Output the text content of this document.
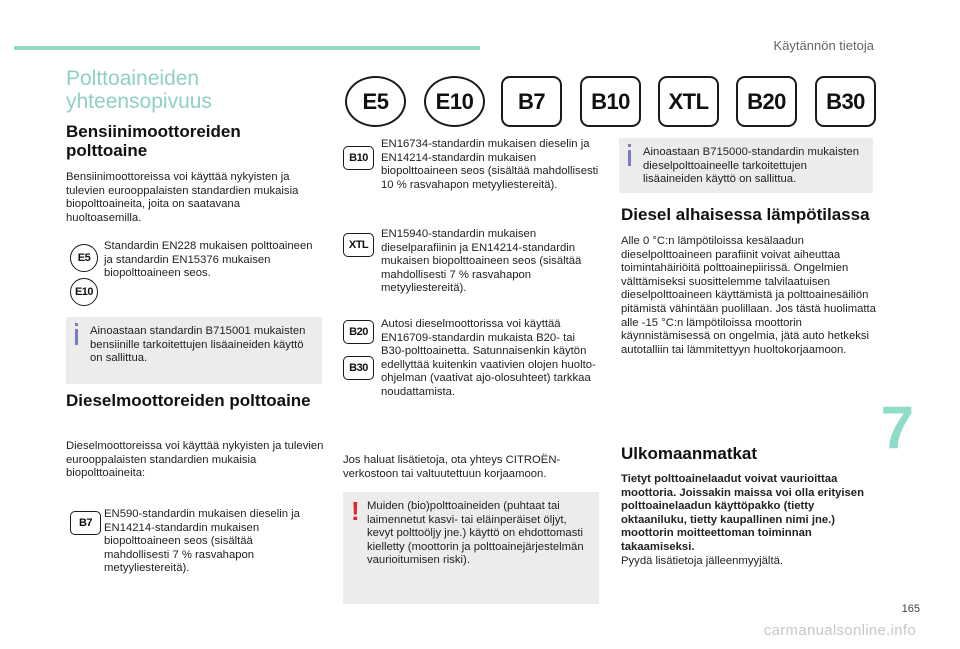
Käytännön tietoja
7
165
carmanualsonline.info
Polttoaineiden yhteensopivuus	E5	E10	B7	B10	XTL	B20	B30
Bensiinimoottoreiden polttoaine
Bensiinimoottoreissa voi käyttää nykyisten ja tulevien eurooppalaisten standardien mukaisia biopolttoaineita, joita on saatavana huoltoasemilla.
E5
E10
Standardin EN228 mukaisen polttoaineen ja standardin EN15376 mukaisen biopolttoaineen seos.
Ainoastaan standardin B715001 mukaisten bensiinille tarkoitettujen lisäaineiden käyttö on sallittua.
Dieselmoottoreiden polttoaine
Dieselmoottoreissa voi käyttää nykyisten ja tulevien eurooppalaisten standardien mukaisia biopolttoaineita:
B7
EN590-standardin mukaisen dieselin ja EN14214-standardin mukaisen biopolttoaineen seos (sisältää mahdollisesti 7 % rasvahapon metyyliestereitä).
B10
EN16734-standardin mukaisen dieselin ja EN14214-standardin mukaisen biopolttoaineen seos (sisältää mahdollisesti 10 % rasvahapon metyyliestereitä).
XTL
EN15940-standardin mukaisen dieselparafiinin ja EN14214-standardin mukaisen biopolttoaineen seos (sisältää mahdollisesti 7 % rasvahapon metyyliestereitä).
B20
B30
Autosi dieselmoottorissa voi käyttää EN16709-standardin mukaista B20- tai B30-polttoainetta. Satunnaisenkin käytön edellyttää kuitenkin vaativien olojen huolto-ohjelman (vaativat ajo-olosuhteet) tarkkaa noudattamista.
Jos haluat lisätietoja, ota yhteys CITROËN-verkostoon tai valtuutettuun korjaamoon.
! Muiden (bio)polttoaineiden (puhtaat tai laimennetut kasvi- tai eläinperäiset öljyt, kevyt polttoöljy jne.) käyttö on ehdottomasti kielletty (moottorin ja polttoainejärjestelmän vaurioitumisen riski).
Ainoastaan B715000-standardin mukaisten dieselpolttoaineelle tarkoitettujen lisäaineiden käyttö on sallittua.
Diesel alhaisessa lämpötilassa
Alle 0 °C:n lämpötiloissa kesälaadun dieselpolttoaineen parafiinit voivat aiheuttaa toimintahäiriöitä polttoainepiirissä. Ongelmien välttämiseksi suosittelemme talvilaatuisen dieselpolttoaineen käyttämistä ja polttoainesäiliön pitämistä vähintään puolillaan. Jos tästä huolimatta alle -15 °C:n lämpötiloissa moottorin käynnistämisessä on ongelmia, jätä auto hetkeksi autotalliin tai lämmitettyyn huoltokorjaamoon.
Ulkomaanmatkat
Tietyt polttoainelaadut voivat vaurioittaa moottoria. Joissakin maissa voi olla erityisen polttoainelaadun käyttöpakko (tietty oktaaniluku, tietty kaupallinen nimi jne.) moottorin moitteettoman toiminnan takaamiseksi.
Pyydä lisätietoja jälleenmyyjältä.
